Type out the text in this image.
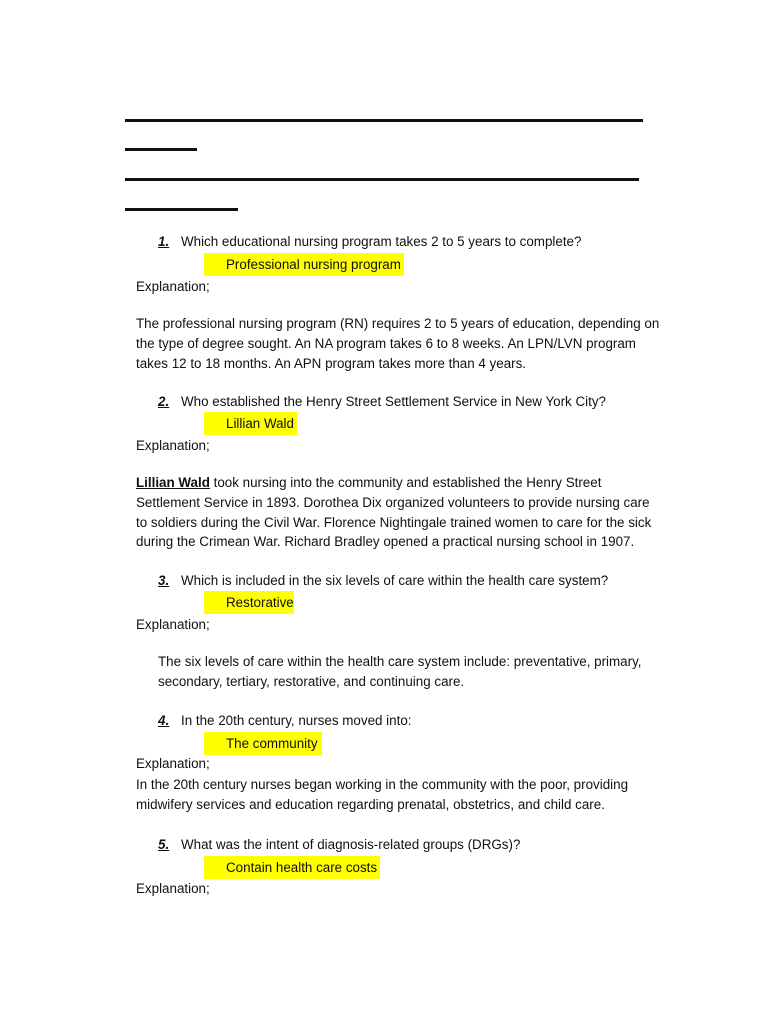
1. Which educational nursing program takes 2 to 5 years to complete?
Professional nursing program
Explanation;
The professional nursing program (RN) requires 2 to 5 years of education, depending on
the type of degree sought. An NA program takes 6 to 8 weeks. An LPN/LVN program
takes 12 to 18 months. An APN program takes more than 4 years.
2. Who established the Henry Street Settlement Service in New York City?
Lillian Wald
Explanation;
Lillian Wald took nursing into the community and established the Henry Street
Settlement Service in 1893. Dorothea Dix organized volunteers to provide nursing care
to soldiers during the Civil War. Florence Nightingale trained women to care for the sick
during the Crimean War. Richard Bradley opened a practical nursing school in 1907.
3. Which is included in the six levels of care within the health care system?
Restorative
Explanation;
The six levels of care within the health care system include: preventative, primary,
secondary, tertiary, restorative, and continuing care.
4. In the 20th century, nurses moved into:
The community
Explanation;
In the 20th century nurses began working in the community with the poor, providing
midwifery services and education regarding prenatal, obstetrics, and child care.
5. What was the intent of diagnosis-related groups (DRGs)?
Contain health care costs
Explanation;
